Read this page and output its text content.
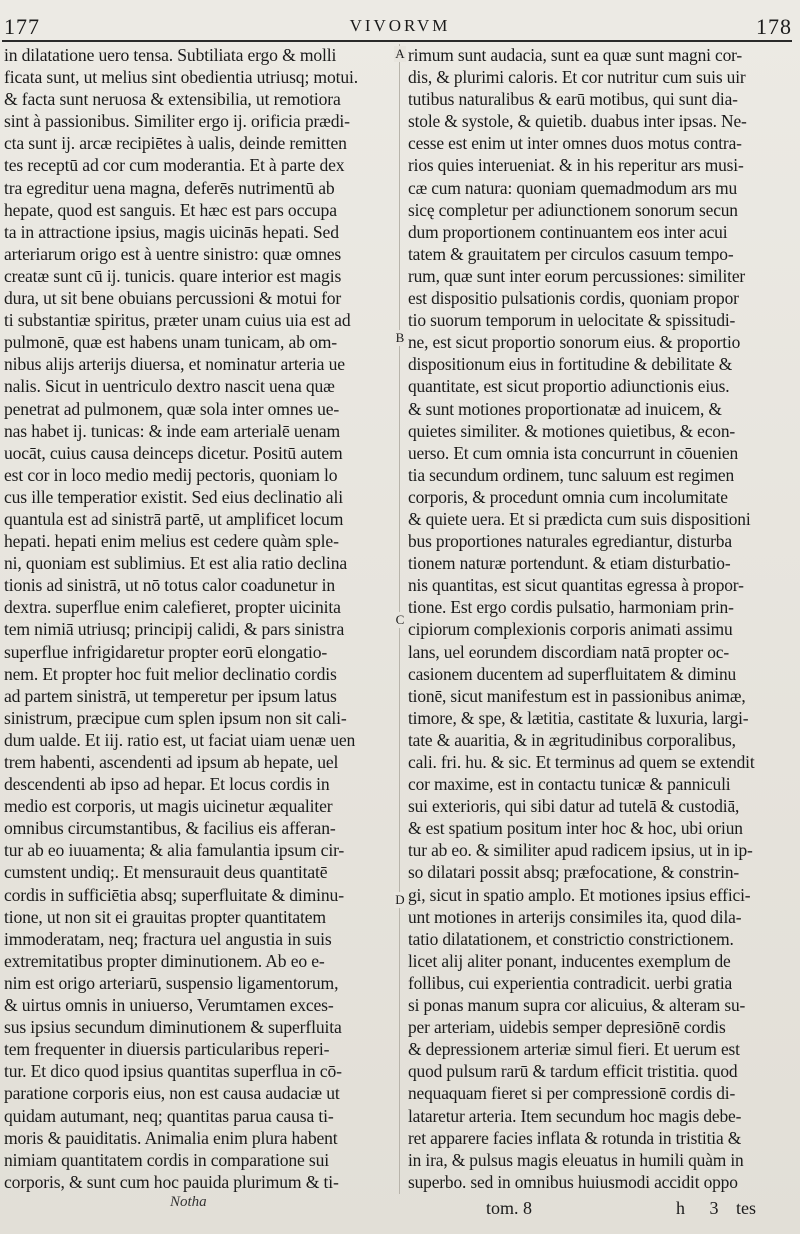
177	VIVORVM	178
in dilatatione uero tensa. Subtiliata ergo & molli
ficata sunt, ut melius sint obedientia utriusq; motui.
& facta sunt neruosa & extensibilia, ut remotiora
sint à passionibus. Similiter ergo ij. orificia prædi-
cta sunt ij. arcæ recipiētes à ualis, deinde remitten
tes receptū ad cor cum moderantia. Et à parte dex
tra egreditur uena magna, deferēs nutrimentū ab
hepate, quod est sanguis. Et hæc est pars occupa
ta in attractione ipsius, magis uicinās hepati. Sed
arteriarum origo est à uentre sinistro: quæ omnes
creatæ sunt cū ij. tunicis. quare interior est magis
dura, ut sit bene obuians percussioni & motui for
ti substantiæ spiritus, præter unam cuius uia est ad
pulmonē, quæ est habens unam tunicam, ab om-
nibus alijs arterijs diuersa, et nominatur arteria ue
nalis. Sicut in uentriculo dextro nascit uena quæ
penetrat ad pulmonem, quæ sola inter omnes ue-
nas habet ij. tunicas: & inde eam arterialē uenam
uocāt, cuius causa deinceps dicetur. Positū autem
est cor in loco medio medij pectoris, quoniam lo
cus ille temperatior existit. Sed eius declinatio ali
quantula est ad sinistrā partē, ut amplificet locum
hepati. hepati enim melius est cedere quàm sple-
ni, quoniam est sublimius. Et est alia ratio declina
tionis ad sinistrā, ut nō totus calor coadunetur in
dextra. superflue enim calefieret, propter uicinita
tem nimiā utriusq; principij calidi, & pars sinistra
superflue infrigidaretur propter eorū elongatio-
nem. Et propter hoc fuit melior declinatio cordis
ad partem sinistrā, ut temperetur per ipsum latus
sinistrum, præcipue cum splen ipsum non sit cali-
dum ualde. Et iij. ratio est, ut faciat uiam uenæ uen
trem habenti, ascendenti ad ipsum ab hepate, uel
descendenti ab ipso ad hepar. Et locus cordis in
medio est corporis, ut magis uicinetur æqualiter
omnibus circumstantibus, & facilius eis afferan-
tur ab eo iuuamenta; & alia famulantia ipsum cir-
cumstent undiq;. Et mensurauit deus quantitatē
cordis in sufficiētia absq; superfluitate & diminu-
tione, ut non sit ei grauitas propter quantitatem
immoderatam, neq; fractura uel angustia in suis
extremitatibus propter diminutionem. Ab eo e-
nim est origo arteriarū, suspensio ligamentorum,
& uirtus omnis in uniuerso, Verumtamen exces-
sus ipsius secundum diminutionem & superfluita
tem frequenter in diuersis particularibus reperi-
tur. Et dico quod ipsius quantitas superflua in cō-
paratione corporis eius, non est causa audaciæ ut
quidam autumant, neq; quantitas parua causa ti-
moris & pauiditatis. Animalia enim plura habent
nimiam quantitatem cordis in comparatione sui
corporis, & sunt cum hoc pauida plurimum & ti-
A
B
C
D
rimum sunt audacia, sunt ea quæ sunt magni cor-
dis, & plurimi caloris. Et cor nutritur cum suis uir
tutibus naturalibus & earū motibus, qui sunt dia-
stole & systole, & quietib. duabus inter ipsas. Ne-
cesse est enim ut inter omnes duos motus contra-
rios quies interueniat. & in his reperitur ars musi-
cæ cum natura: quoniam quemadmodum ars mu
sicę completur per adiunctionem sonorum secun
dum proportionem continuantem eos inter acui
tatem & grauitatem per circulos casuum tempo-
rum, quæ sunt inter eorum percussiones: similiter
est dispositio pulsationis cordis, quoniam propor
tio suorum temporum in uelocitate & spissitudi-
ne, est sicut proportio sonorum eius. & proportio
dispositionum eius in fortitudine & debilitate &
quantitate, est sicut proportio adiunctionis eius.
& sunt motiones proportionatæ ad inuicem, &
quietes similiter. & motiones quietibus, & econ-
uerso. Et cum omnia ista concurrunt in cōuenien
tia secundum ordinem, tunc saluum est regimen
corporis, & procedunt omnia cum incolumitate
& quiete uera. Et si prædicta cum suis dispositioni
bus proportiones naturales egrediantur, disturba
tionem naturæ portendunt. & etiam disturbatio-
nis quantitas, est sicut quantitas egressa à propor-
tione. Est ergo cordis pulsatio, harmoniam prin-
cipiorum complexionis corporis animati assimu
lans, uel eorundem discordiam natā propter oc-
casionem ducentem ad superfluitatem & diminu
tionē, sicut manifestum est in passionibus animæ,
timore, & spe, & lætitia, castitate & luxuria, largi-
tate & auaritia, & in ægritudinibus corporalibus,
cali. fri. hu. & sic. Et terminus ad quem se extendit
cor maxime, est in contactu tunicæ & panniculi
sui exterioris, qui sibi datur ad tutelā & custodiā,
& est spatium positum inter hoc & hoc, ubi oriun
tur ab eo. & similiter apud radicem ipsius, ut in ip-
so dilatari possit absq; præfocatione, & constrin-
gi, sicut in spatio amplo. Et motiones ipsius effici-
unt motiones in arterijs consimiles ita, quod dila-
tatio dilatationem, et constrictio constrictionem.
licet alij aliter ponant, inducentes exemplum de
follibus, cui experientia contradicit. uerbi gratia
si ponas manum supra cor alicuius, & alteram su-
per arteriam, uidebis semper depresiōnē cordis
& depressionem arteriæ simul fieri. Et uerum est
quod pulsum rarū & tardum efficit tristitia. quod
nequaquam fieret si per compressionē cordis di-
lataretur arteria. Item secundum hoc magis debe-
ret apparere facies inflata & rotunda in tristitia &
in ira, & pulsus magis eleuatus in humili quàm in
superbo. sed in omnibus huiusmodi accidit oppo
Notha	tom. 8	h 3 tes
